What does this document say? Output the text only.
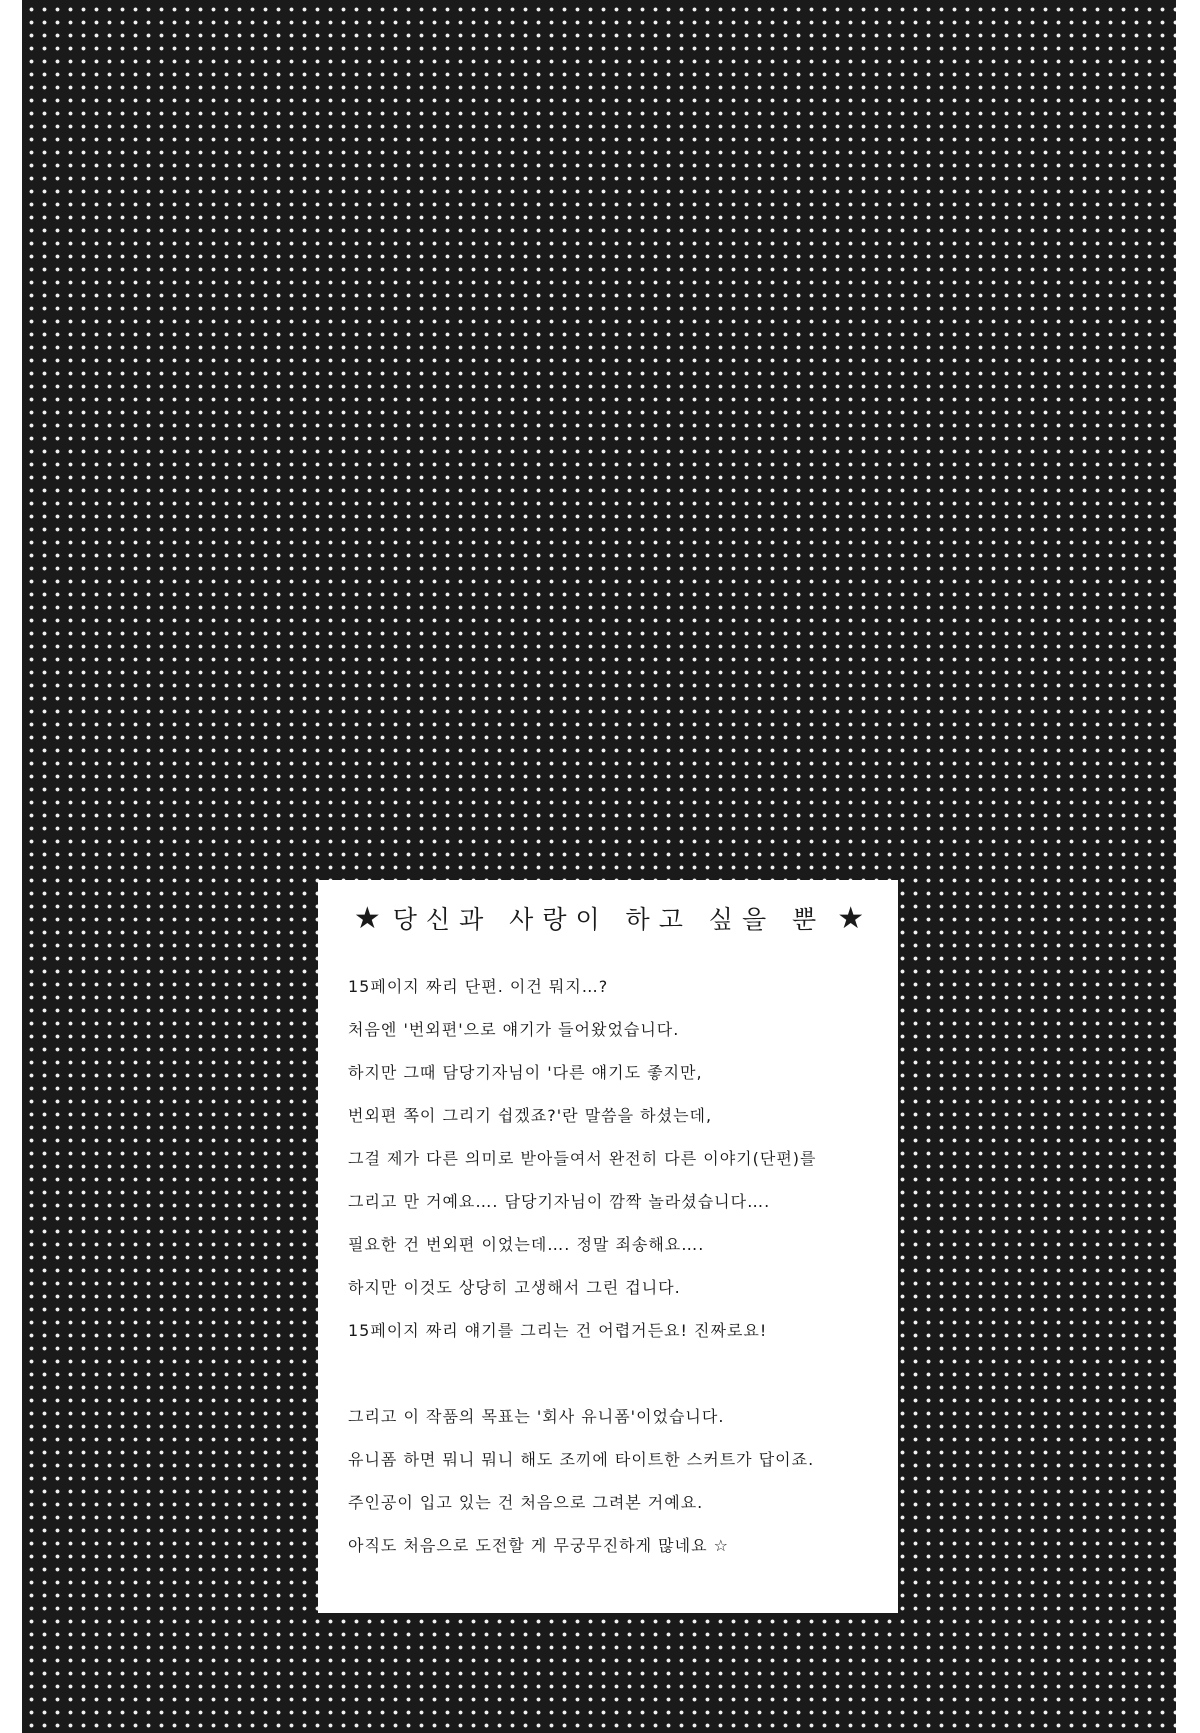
★ 당신과 사랑이 하고 싶을 뿐 ★
15페이지 짜리 단편. 이건 뭐지…?
처음엔 '번외편'으로 얘기가 들어왔었습니다.
하지만 그때 담당기자님이 '다른 얘기도 좋지만,
번외편 쪽이 그리기 쉽겠죠?'란 말씀을 하셨는데,
그걸 제가 다른 의미로 받아들여서 완전히 다른 이야기(단편)를
그리고 만 거예요…. 담당기자님이 깜짝 놀라셨습니다….
필요한 건 번외편 이었는데…. 정말 죄송해요….
하지만 이것도 상당히 고생해서 그린 겁니다.
15페이지 짜리 얘기를 그리는 건 어렵거든요! 진짜로요!
그리고 이 작품의 목표는 '회사 유니폼'이었습니다.
유니폼 하면 뭐니 뭐니 해도 조끼에 타이트한 스커트가 답이죠.
주인공이 입고 있는 건 처음으로 그려본 거예요.
아직도 처음으로 도전할 게 무궁무진하게 많네요 ☆
